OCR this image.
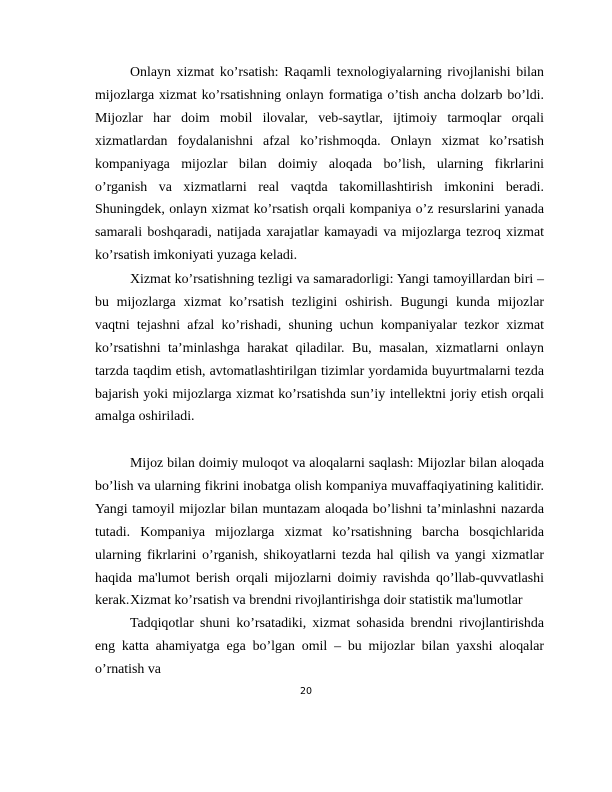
Onlayn xizmat ko’rsatish: Raqamli texnologiyalarning rivojlanishi bilan mijozlarga xizmat ko’rsatishning onlayn formatiga o’tish ancha dolzarb bo’ldi. Mijozlar har doim mobil ilovalar, veb-saytlar, ijtimoiy tarmoqlar orqali xizmatlardan foydalanishni afzal ko’rishmoqda. Onlayn xizmat ko’rsatish kompaniyaga mijozlar bilan doimiy aloqada bo’lish, ularning fikrlarini o’rganish va xizmatlarni real vaqtda takomillashtirish imkonini beradi. Shuningdek, onlayn xizmat ko’rsatish orqali kompaniya o’z resurslarini yanada samarali boshqaradi, natijada xarajatlar kamayadi va mijozlarga tezroq xizmat ko’rsatish imkoniyati yuzaga keladi.

Xizmat ko’rsatishning tezligi va samaradorligi: Yangi tamoyillardan biri – bu mijozlarga xizmat ko’rsatish tezligini oshirish. Bugungi kunda mijozlar vaqtni tejashni afzal ko’rishadi, shuning uchun kompaniyalar tezkor xizmat ko’rsatishni ta’minlashga harakat qiladilar. Bu, masalan, xizmatlarni onlayn tarzda taqdim etish, avtomatlashtirilgan tizimlar yordamida buyurtmalarni tezda bajarish yoki mijozlarga xizmat ko’rsatishda sun’iy intellektni joriy etish orqali amalga oshiriladi.

Mijoz bilan doimiy muloqot va aloqalarni saqlash: Mijozlar bilan aloqada bo’lish va ularning fikrini inobatga olish kompaniya muvaffaqiyatining kalitidir. Yangi tamoyil mijozlar bilan muntazam aloqada bo’lishni ta’minlashni nazarda tutadi. Kompaniya mijozlarga xizmat ko’rsatishning barcha bosqichlarida ularning fikrlarini o’rganish, shikoyatlarni tezda hal qilish va yangi xizmatlar haqida ma'lumot berish orqali mijozlarni doimiy ravishda qo’llab-quvvatlashi kerak. Xizmat ko’rsatish va brendni rivojlantirishga doir statistik ma'lumotlar

Tadqiqotlar shuni ko’rsatadiki, xizmat sohasida brendni rivojlantirishda eng katta ahamiyatga ega bo’lgan omil – bu mijozlar bilan yaxshi aloqalar o’rnatish va

20
